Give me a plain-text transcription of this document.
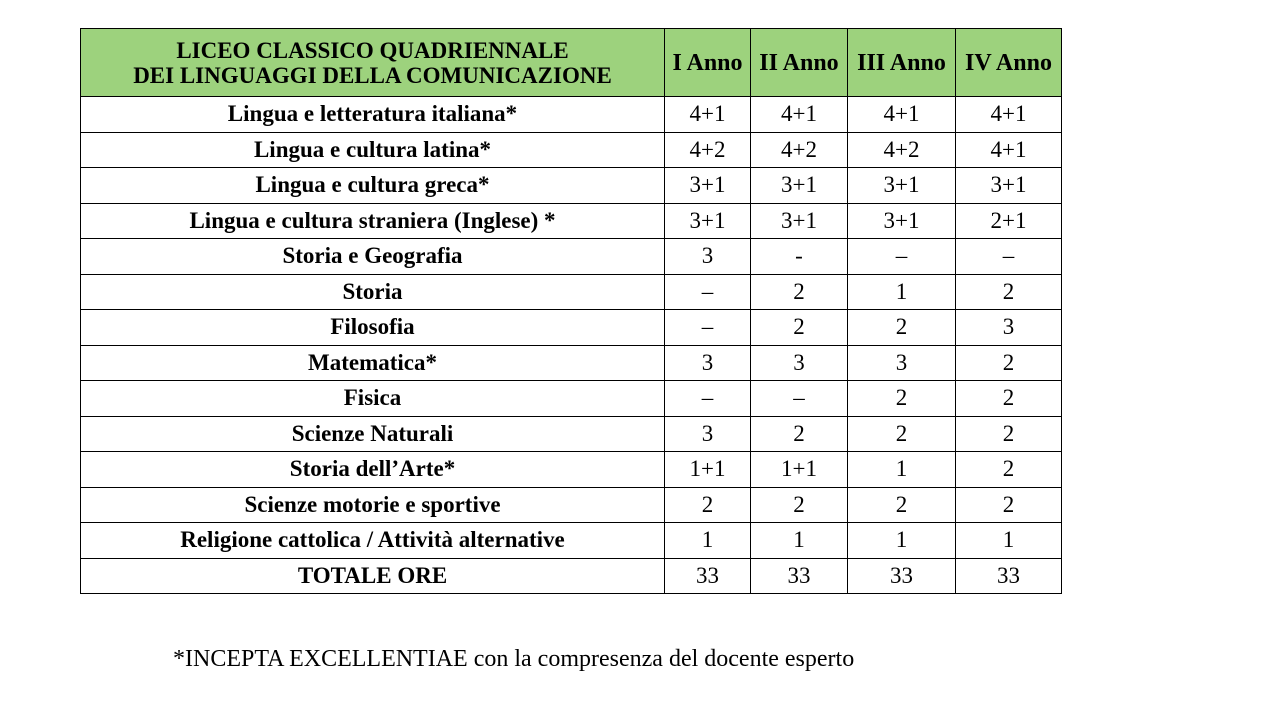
LICEO CLASSICO QUADRIENNALE
DEI LINGUAGGI DELLA COMUNICAZIONE	I Anno	II Anno	III Anno	IV Anno
Lingua e letteratura italiana*	4+1	4+1	4+1	4+1
Lingua e cultura latina*	4+2	4+2	4+2	4+1
Lingua e cultura greca*	3+1	3+1	3+1	3+1
Lingua e cultura straniera (Inglese) *	3+1	3+1	3+1	2+1
Storia e Geografia	3	-	–	–
Storia	–	2	1	2
Filosofia	–	2	2	3
Matematica*	3	3	3	2
Fisica	–	–	2	2
Scienze Naturali	3	2	2	2
Storia dell’Arte*	1+1	1+1	1	2
Scienze motorie e sportive	2	2	2	2
Religione cattolica / Attività alternative	1	1	1	1
TOTALE ORE	33	33	33	33
*INCEPTA EXCELLENTIAE con la compresenza del docente esperto
